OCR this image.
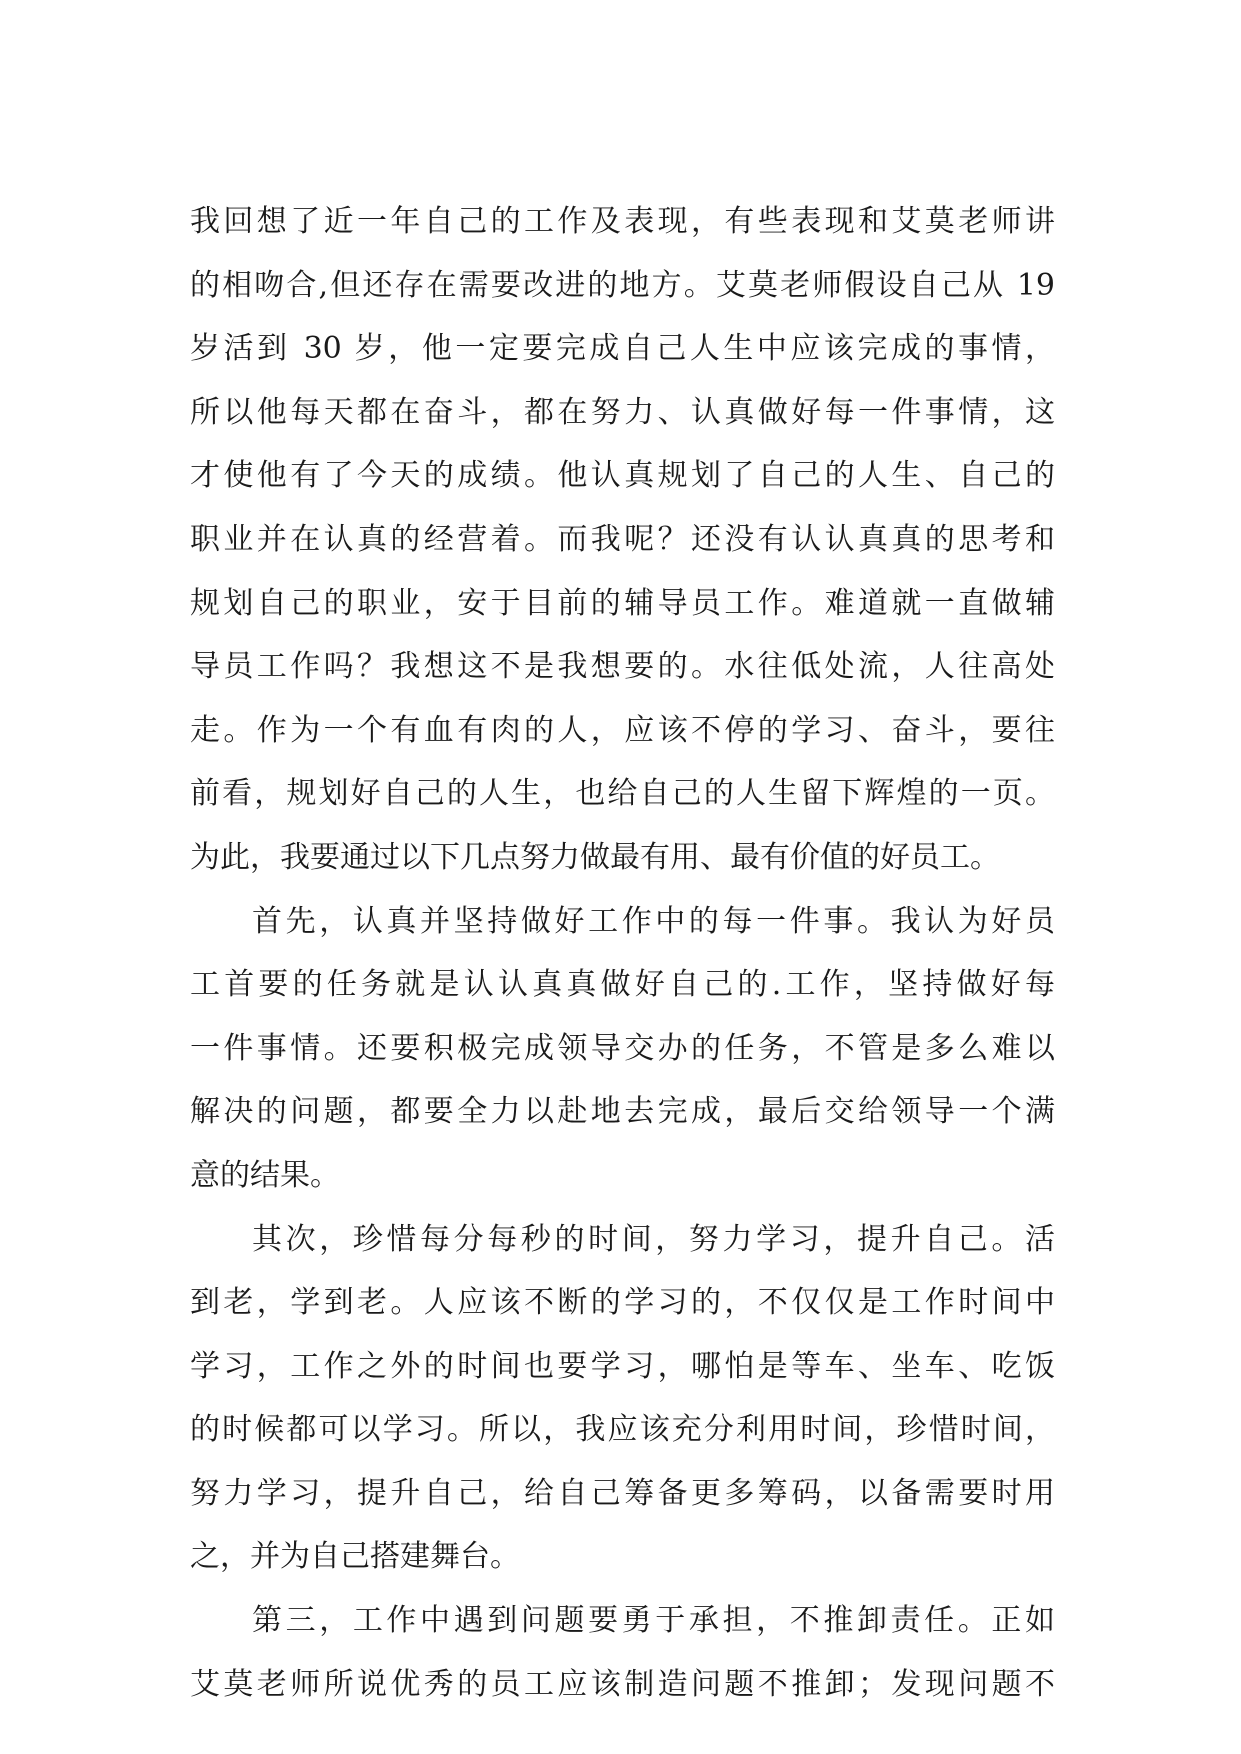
我回想了近一年自己的工作及表现，有些表现和艾莫老师讲
的相吻合,但还存在需要改进的地方。艾莫老师假设自己从 19
岁活到 30 岁，他一定要完成自己人生中应该完成的事情，
所以他每天都在奋斗，都在努力、认真做好每一件事情，这
才使他有了今天的成绩。他认真规划了自己的人生、自己的
职业并在认真的经营着。而我呢？还没有认认真真的思考和
规划自己的职业，安于目前的辅导员工作。难道就一直做辅
导员工作吗？我想这不是我想要的。水往低处流，人往高处
走。作为一个有血有肉的人，应该不停的学习、奋斗，要往
前看，规划好自己的人生，也给自己的人生留下辉煌的一页。
为此，我要通过以下几点努力做最有用、最有价值的好员工。
首先，认真并坚持做好工作中的每一件事。我认为好员
工首要的任务就是认认真真做好自己的.工作，坚持做好每
一件事情。还要积极完成领导交办的任务，不管是多么难以
解决的问题，都要全力以赴地去完成，最后交给领导一个满
意的结果。
其次，珍惜每分每秒的时间，努力学习，提升自己。活
到老，学到老。人应该不断的学习的，不仅仅是工作时间中
学习，工作之外的时间也要学习，哪怕是等车、坐车、吃饭
的时候都可以学习。所以，我应该充分利用时间，珍惜时间，
努力学习，提升自己，给自己筹备更多筹码，以备需要时用
之，并为自己搭建舞台。
第三，工作中遇到问题要勇于承担，不推卸责任。正如
艾莫老师所说优秀的员工应该制造问题不推卸；发现问题不
